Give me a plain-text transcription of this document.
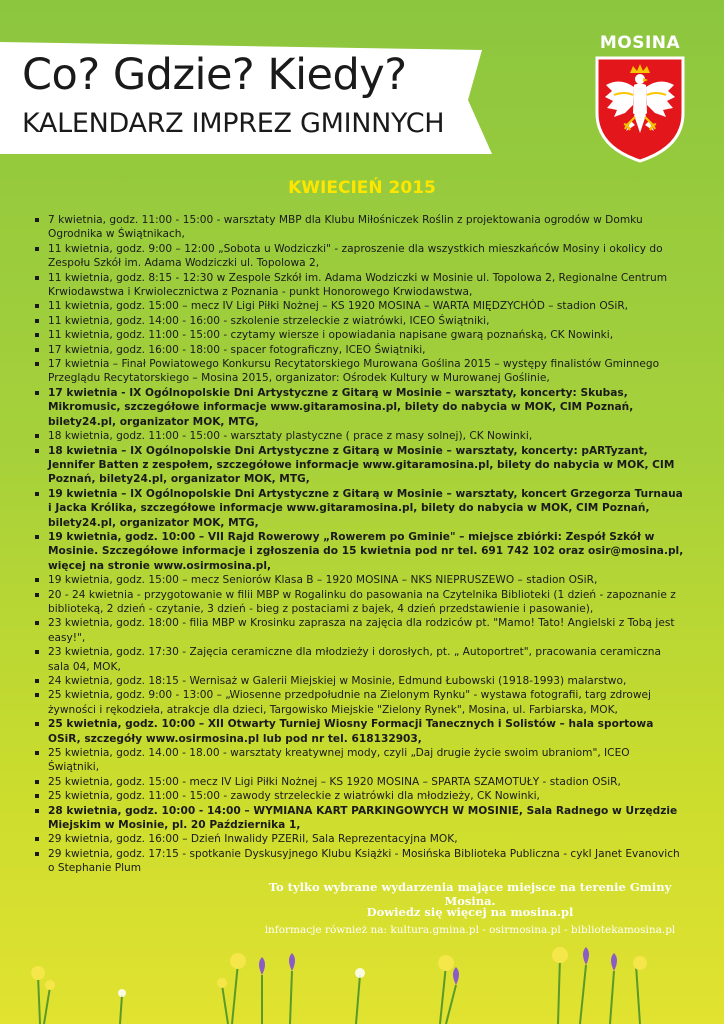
Co? Gdzie? Kiedy?
KALENDARZ IMPREZ GMINNYCH
MOSINA
KWIECIEŃ 2015
7 kwietnia, godz. 11:00 - 15:00 - warsztaty MBP dla Klubu Miłośniczek Roślin z projektowania ogrodów w Domku Ogrodnika w Świątnikach,
11 kwietnia, godz. 9:00 – 12:00 „Sobota u Wodziczki" - zaproszenie dla wszystkich mieszkańców Mosiny i okolicy do Zespołu Szkół im. Adama Wodziczki ul. Topolowa 2,
11 kwietnia, godz. 8:15 - 12:30 w Zespole Szkół im. Adama Wodziczki w Mosinie ul. Topolowa 2, Regionalne Centrum Krwiodawstwa i Krwiolecznictwa z Poznania - punkt Honorowego Krwiodawstwa,
11 kwietnia, godz. 15:00 – mecz IV Ligi Piłki Nożnej – KS 1920 MOSINA – WARTA MIĘDZYCHÓD – stadion OSiR,
11 kwietnia, godz. 14:00 - 16:00 - szkolenie strzeleckie z wiatrówki, ICEO Świątniki,
11 kwietnia, godz. 11:00 - 15:00 - czytamy wiersze i opowiadania napisane gwarą poznańską, CK Nowinki,
17 kwietnia, godz. 16:00 - 18:00 - spacer fotograficzny, ICEO Świątniki,
17 kwietnia – Finał Powiatowego Konkursu Recytatorskiego Murowana Goślina 2015 – występy finalistów Gminnego Przeglądu Recytatorskiego – Mosina 2015, organizator: Ośrodek Kultury w Murowanej Goślinie,
17 kwietnia - IX Ogólnopolskie Dni Artystyczne z Gitarą w Mosinie – warsztaty, koncerty: Skubas, Mikromusic, szczegółowe informacje www.gitaramosina.pl, bilety do nabycia w MOK, CIM Poznań, bilety24.pl, organizator MOK, MTG,
18 kwietnia, godz. 11:00 - 15:00 - warsztaty plastyczne ( prace z masy solnej), CK Nowinki,
18 kwietnia – IX Ogólnopolskie Dni Artystyczne z Gitarą w Mosinie – warsztaty, koncerty: pARTyzant, Jennifer Batten z zespołem, szczegółowe informacje www.gitaramosina.pl, bilety do nabycia w MOK, CIM Poznań, bilety24.pl, organizator MOK, MTG,
19 kwietnia – IX Ogólnopolskie Dni Artystyczne z Gitarą w Mosinie – warsztaty, koncert Grzegorza Turnaua i Jacka Królika, szczegółowe informacje www.gitaramosina.pl, bilety do nabycia w MOK, CIM Poznań, bilety24.pl, organizator MOK, MTG,
19 kwietnia, godz. 10:00 – VII Rajd Rowerowy „Rowerem po Gminie" – miejsce zbiórki: Zespół Szkół w Mosinie. Szczegółowe informacje i zgłoszenia do 15 kwietnia pod nr tel. 691 742 102 oraz osir@mosina.pl, więcej na stronie www.osirmosina.pl,
19 kwietnia, godz. 15:00 – mecz Seniorów Klasa B – 1920 MOSINA – NKS NIEPRUSZEWO – stadion OSiR,
20 - 24 kwietnia - przygotowanie w filii MBP w Rogalinku do pasowania na Czytelnika Biblioteki (1 dzień - zapoznanie z biblioteką, 2 dzień - czytanie, 3 dzień - bieg z postaciami z bajek, 4 dzień przedstawienie i pasowanie),
23 kwietnia, godz. 18:00 - filia MBP w Krosinku zaprasza na zajęcia dla rodziców pt. "Mamo! Tato! Angielski z Tobą jest easy!",
23 kwietnia, godz. 17:30 - Zajęcia ceramiczne dla młodzieży i dorosłych, pt. „ Autoportret", pracowania ceramiczna sala 04, MOK,
24 kwietnia, godz. 18:15 - Wernisaż w Galerii Miejskiej w Mosinie, Edmund Łubowski (1918-1993) malarstwo,
25 kwietnia, godz. 9:00 - 13:00 – „Wiosenne przedpołudnie na Zielonym Rynku" - wystawa fotografii, targ zdrowej żywności i rękodzieła, atrakcje dla dzieci, Targowisko Miejskie "Zielony Rynek", Mosina, ul. Farbiarska, MOK,
25 kwietnia, godz. 10:00 – XII Otwarty Turniej Wiosny Formacji Tanecznych i Solistów – hala sportowa OSiR, szczegóły www.osirmosina.pl lub pod nr tel. 618132903,
25 kwietnia, godz. 14.00 - 18.00 - warsztaty kreatywnej mody, czyli „Daj drugie życie swoim ubraniom", ICEO Świątniki,
25 kwietnia, godz. 15:00 - mecz IV Ligi Piłki Nożnej – KS 1920 MOSINA – SPARTA SZAMOTUŁY - stadion OSiR,
25 kwietnia, godz. 11:00 - 15:00 - zawody strzeleckie z wiatrówki dla młodzieży, CK Nowinki,
28 kwietnia, godz. 10:00 - 14:00 – WYMIANA KART PARKINGOWYCH W MOSINIE, Sala Radnego w Urzędzie Miejskim w Mosinie, pl. 20 Października 1,
29 kwietnia, godz. 16:00 – Dzień Inwalidy PZERiI, Sala Reprezentacyjna MOK,
29 kwietnia, godz. 17:15 - spotkanie Dyskusyjnego Klubu Książki - Mosińska Biblioteka Publiczna - cykl Janet Evanovich o Stephanie Plum

To tylko wybrane wydarzenia mające miejsce na terenie Gminy Mosina.

Dowiedz się więcej na mosina.pl

informacje również na: kultura.gmina.pl - osirmosina.pl - bibliotekamosina.pl
